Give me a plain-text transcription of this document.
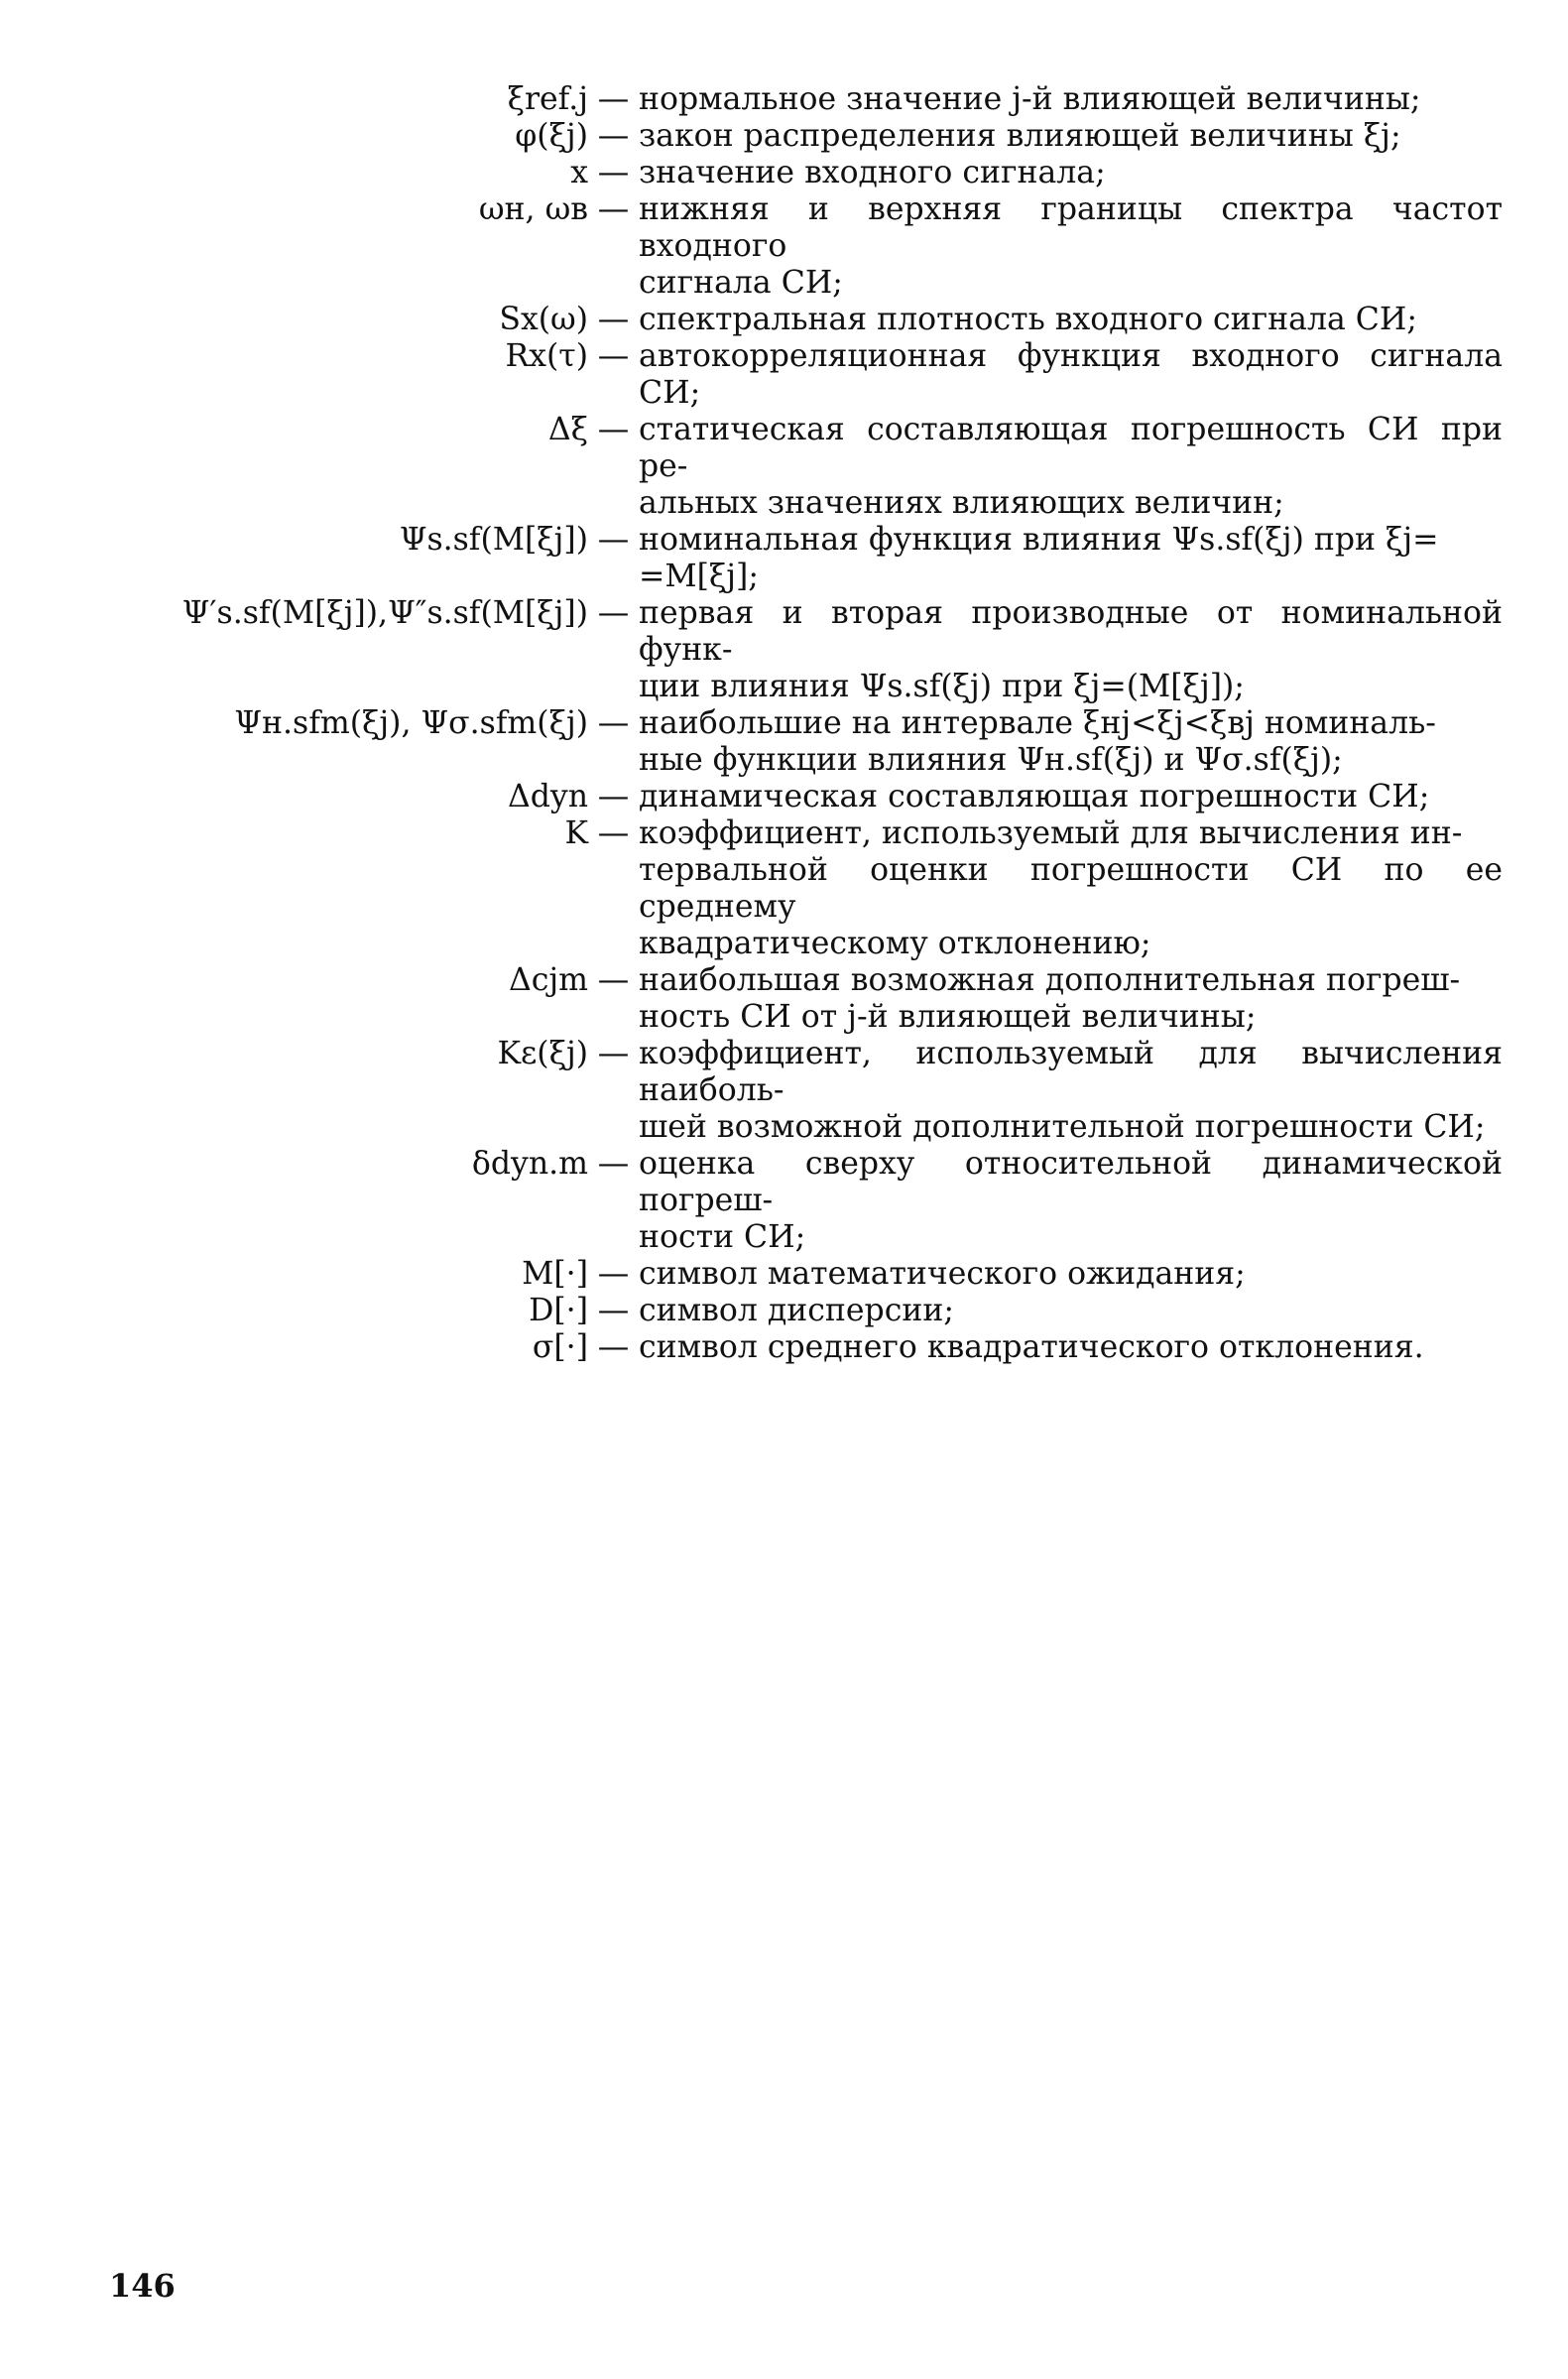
ξref.j — нормальное значение j-й влияющей величины;
φ(ξj) — закон распределения влияющей величины ξj;
x — значение входного сигнала;
ωн, ωв — нижняя и верхняя границы спектра частот входного
сигнала СИ;
Sx(ω) — спектральная плотность входного сигнала СИ;
Rx(τ) — автокорреляционная функция входного сигнала СИ;
Δξ — статическая составляющая погрешность СИ при ре-
альных значениях влияющих величин;
Ψs.sf(M[ξj]) — номинальная функция влияния Ψs.sf(ξj) при ξj=
=M[ξj];
Ψ′s.sf(M[ξj]),Ψ″s.sf(M[ξj]) — первая и вторая производные от номинальной функ-
ции влияния Ψs.sf(ξj) при ξj=(M[ξj]);
Ψн.sfm(ξj), Ψσ.sfm(ξj) — наибольшие на интервале ξнj<ξj<ξвj номиналь-
ные функции влияния Ψн.sf(ξj) и Ψσ.sf(ξj);
Δdyn — динамическая составляющая погрешности СИ;
K — коэффициент, используемый для вычисления ин-
тервальной оценки погрешности СИ по ее среднему
квадратическому отклонению;
Δcjm — наибольшая возможная дополнительная погреш-
ность СИ от j-й влияющей величины;
Kε(ξj) — коэффициент, используемый для вычисления наиболь-
шей возможной дополнительной погрешности СИ;
δdyn.m — оценка сверху относительной динамической погреш-
ности СИ;
M[·] — символ математического ожидания;
D[·] — символ дисперсии;
σ[·] — символ среднего квадратического отклонения.
146
